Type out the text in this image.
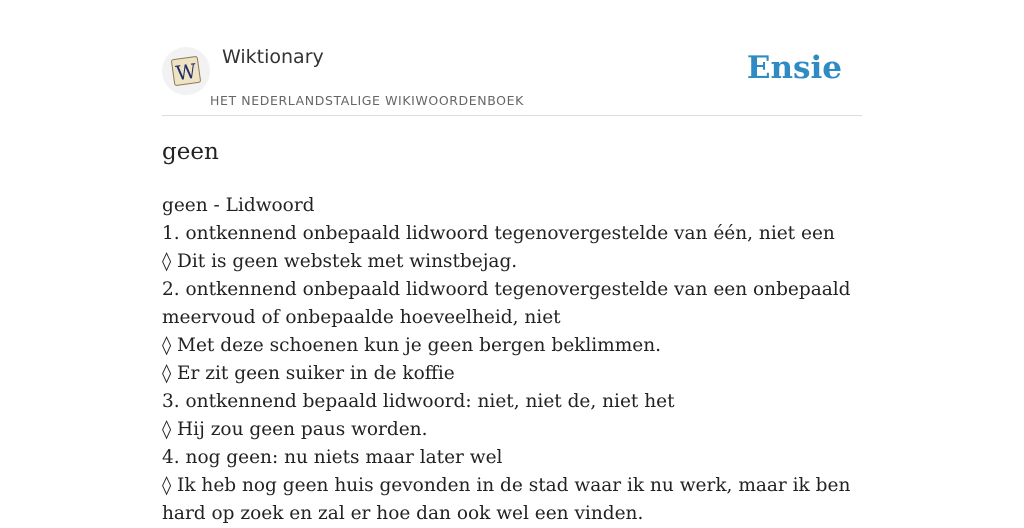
W
Wiktionary
HET NEDERLANDSTALIGE WIKIWOORDENBOEK
Ensie
geen
geen - Lidwoord
1. ontkennend onbepaald lidwoord tegenovergestelde van één, niet een
◊ Dit is geen webstek met winstbejag.
2. ontkennend onbepaald lidwoord tegenovergestelde van een onbepaald meervoud of onbepaalde hoeveelheid, niet
◊ Met deze schoenen kun je geen bergen beklimmen.
◊ Er zit geen suiker in de koffie
3. ontkennend bepaald lidwoord: niet, niet de, niet het
◊ Hij zou geen paus worden.
4. nog geen: nu niets maar later wel
◊ Ik heb nog geen huis gevonden in de stad waar ik nu werk, maar ik ben hard op zoek en zal er hoe dan ook wel een vinden.
